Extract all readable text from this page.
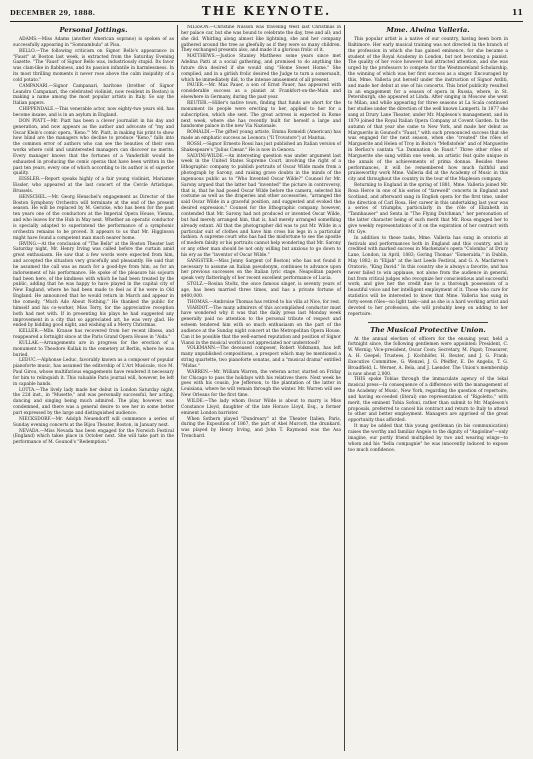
DECEMBER 29, 1888.	THE KEYNOTE.	11
Personal Jottings.

ADAMS.—Miss Adams (another American soprano) is spoken of as successfully appearing in "Somnambula" at Pisa.

BELLO.—The following criticism on Signor Bello's appearance in "Faust" at Boston last week, is extracted from the Saturday Evening Gazette. "The 'Faust' of Signor Bello was, industriously stupid. Its favor was clam-like in flabbiness, and its passion infantile in harmlessness. In its most thrilling moments it never rose above the calm insipidity of a cold potato."

CAMPANARI.—Signor Campanari, baritone (brother of Signor Leandro Campanari, the celebrated violinist, now resident in Boston) is making a name among the most popular artists in Italy. So say the Italian papers.

CHIPPENDALE.—This venerable actor, now eighty-two years old, has become insane, and is in an asylum in England.

DON PIATT.—Mr. Piatt has been a clever journalist in his day and generation, and now appears as the author and advocate of "my and Oscar Klein's comic opera, 'Keno.'" Mr. Piatt, in making his print to show how blind are the managers who decline to produce "Keno," falls into the common error of authors who can see the beauties of their own works where cold and uninterested managers can discover no merits. Every manager knows that the fortunes of a Vanderbilt would be exhausted in producing the comic operas that have been written in the past ten years, every one of which according to its author is of superior quality.

EISSLER.—Report speaks highly of a fair young violinist, Marianne Eissler, who appeared at the last concert of the Cercle Artistique, Brussels.

HENSCHEL.—Mr. Georg Henschel's engagement as Director of the Boston Symphony Orchestra will terminate at the end of the present season. He will be replaced by M. Gericke, who has been for the past ten years one of the conductors at the Imperial Opera House, Vienna, and who leaves for the Hub in May next. Whether an operatic conductor is specially adapted to superintend the performance of a symphonic orchestra remains to be proved. It appears to us that Mr. Higginson might have found a competent man much nearer home.

IRVING.—At the conclusion of "The Bells" at the Boston Theater last Saturday night, Mr. Henry Irving was called before the curtain amid great enthusiasm. He saw that a few words were expected from him, and accepted the situation very gracefully and pleasantly. He said that he assumed the call was as much for a good-bye from him, as for an indorsement of his performance. He spoke of the pleasure his sojourn had been here, of the kindness with which he had been treated by the public, adding that he was happy to have played in the capital city of New England, where he had been made to feel as if he were in Old England. He announced that he would return in March and appear in the comedy, "Much Ado About Nothing." He thanked the public for himself and his co-worker, Miss Terry, for the appreciative reception both had met with. If in presenting his plays he had suggested any improvement in a city that so appreciated art, he was very glad. He ended by bidding good night, and wishing all a Merry Christmas.

KELLER.—Mlle. Krause has recovered from her recent illness, and reappeared a fortnight since at the Paris Grand Opera House in "Aida."

KULLAK.—Arrangements are in progress for the erection of a monument to Theodore Kullak in the cemetery at Berlin, where he was buried.

LEDUC.—Alphonse Leduc, favorably known as a composer of popular pianoforte music, has assumed the editorship of L'Art Musicale, vice M. Paul Girou, whose multifarious engagements have rendered it necessary for him to relinquish it. This valuable Paris journal will, however, be left in capable hands.

LOTTA.—The lively lady made her debut in London Saturday night, the 22d inst., in "Musette," and was personally successful, her acting, dancing and singing being much admired. The play, however, was condemned, and there was a general desire to see her in some better part expressed by the large and distinguished audience.

NIECKSDORF.—Mr. Adolph Neuendorff will commence a series of Sunday evening concerts at the Bijou Theater, Boston, in January next.

NEVADA.—Miss Nevada has been engaged for the Norwich Festival (England) which takes place in October next. She will take part in the performance of M. Gounod's "Redemption."

NILSSON.—Christine Nilsson was traveling West last Christmas in her palace car, but she was bound to celebrate the day, tree and all; and she did. Whirling along almost like lightning, she and her company gathered around the tree as gleefully as if they were so many children. They exchanged presents also, and made it a glorious frolic of it.

MATTHEWS.—Justice Stanley Matthews some years since met Adelina Patti at a social gathering, and promised to do anything the future diva desired if she would sing "Home Sweet Home." She complied, and in a girlish frolic desired the Judge to turn a somersault, which he immediately did, to the intense amusement of all present.

PAUER.—Mr. Max Pauer, a son of Ernst Pauer, has appeared with considerable success as a pianist at Frankfort-on-the-Main and elsewhere in Germany, during the past year.

REUTER.—Hiller's native town, finding that funds are short for the monument its people were erecting to her, applied to her for a subscription, which she sent. The great actress is expected in Rome next week, where she has recently built for herself a large and handsome palace in the new Via Nazionale.

ROMALDI.—The gifted young artiste, Emma Romeldi (American) has made an emphatic success as Leonora ("Il Trovatore") at Mantua.

ROSSI.—Signor Ernesto Rossi has just published an Italian version of Shakespeare's "Julius Cæsar." He is now in Genova.

SALVINI-WILDE.—An interesting question was under argument last week in the United States Supreme Court, involving the right of a lithographic company to publish portraits of Oscar Wilde made from a photograph by Sarony, and raising grave doubts in the minds of the ingenuous public as to "Who Invented Oscar Wilde?" Counsel for Mr. Sarony argued that the latter had "invented" the picture in controversy, that is, that he had posed Oscar Wilde before the camera, selected his costume as well as the draperies and other accessories, "arranged the said Oscar Wilde in a graceful position, and suggested and evoked the desired expression." Counsel for the lithographic company, however, contended that Mr. Sarony had not produced or invented Oscar Wilde, but had merely arranged him, that is, had merely arranged something already extant. All that the photographer did was to put Mr. Wilde in a particular suit of clothes and have him cross his legs in a particular fashion. A supreme court who has had the misfortune to see the apostle of modern falsity or his portraits cannot help wondering that Mr. Sarony or any other man should be not only willing but anxious to go down to his ery as the "inventor of Oscar Wilde."

SANGSTER.—Miss Jenny Sargent (of Boston) who has not found it necessary to assume an Italian pseudonym, continues to advance upon her previous successes on the Italian lyric stage. Neapolitan papers speak very flatteringly of her recent excellent performance of Lucia.

STOLZ.—Rosina Stoltz, the once famous singer, is seventy years of age, has been married three times, and has a private fortune of $400,000.

THOMAS.—Ambroise Thomas has retired to his villa at Nice, for rest.

VIARDOT.—The many admirers of this accomplished conductor must have wondered why it was that the daily press last Monday week generally paid no attention to the personal tribute of respect and esteem tendered him with so much enthusiasm on the part of the audience at the Sunday night concert at the Metropolitan Opera House. Can it be possible that the well-earned reputation and position of Signor Viansi in the musical world is not appreciated nor understood?

VOLKMANN.—The deceased composer, Robert Volkmann, has left many unpublished compositions, a prospect which may be mentioned a string quartette, two pianoforte sonatas, and a "musical drama" entitled "Midas."

WARREN.—Mr. William Warren, the veteran actor, started on Friday for Chicago to pass the holidays with his relatives there. Next week he goes with his cousin, Joe Jefferson, to the plantation of the latter in Louisiana, where he will remain through the winter. Mr. Warren will see New Orleans for the first time.

WILDE.—The lady whom Oscar Wilde is about to marry is Miss Constance Lloyd, daughter of the late Horace Lloyd, Esq., a former eminent London barrister.

When Sothern played "Dundreary" at the Theater Italien, Paris, during the Exposition of 1867, the part of Abel Murcott, the drunkard, was played by Henry Irving, and John T. Raymond was the Asa Trenchard.

Mme. Alwina Valleria.

This popular artist is a native of our country, having been born in Baltimore. Her early musical training was not directed in the branch of the profession in which she has gained eminence, for she became a student of the Royal Academy in London, but not becoming a pianist. The quality of her voice however had attracted attention, and she was urged by the professors to compete for the Westmoreland Scholarship, the winning of which was her first success as a singer. Encouraged by this, Mme. Valleria put herself under the instruction of Signor Arditi, and made her debut at one of his concerts. This brief publicity resulted in an engagement for a season of opera in Russia, where, in St. Petersburgh, she appeared at Linda. After singing in Moscow she went to Milan, and while appearing for three seasons at La Scala continued her studies under the direction of the well known Lamperti. In 1877 she sang at Drury Lane Theater, under Mr. Mapleson's management, and in 1879 joined the Royal Italian Opera Company at Covent Garden. In the autumn of that year she came to New York, and made her debut as Marguerite in Gounod's "Faust," with such pronounced success that she was engaged for the next season, when she "created" the rôles of Marguerite and Helen of Troy in Boito's "Mefistofele" and of Marguerite in Berlioz's cantata "La Damnation de Faust." Three other rôles of Marguerite she sang within one week, an artistic feat quite unique in the annals of the achievements of prima donnas. Besides these performances, it will be remembered how much faithful and praiseworthy work Mme. Valleria did at the Academy of Music in this city and throughout the country in the tour of the Mapleson company.

Returning to England in the spring of 1881, Mme. Valleria joined Mr. Rosa Herce in one of his series of "farewell" concerts in England and Scotland, and afterward sang in English opera for the first time, under the direction of Carl Rosa. Her career in this undertaking last year was a series of triumphs, particularly in the rôle of Elizabeth in "Tannhauser" and Senta in "The Flying Dutchman," her personation of the latter character being of such merit that Mr. Rosa engaged her to give weekly representations of it on the expiration of her contract with Mr. Gye.

In addition to these tasks, Mme. Valleria has sung in oratorio at festivals and performances both in England and this country, and is credited with marked success in Mackenzie's opera "Colomba" at Drury Lane, London, in April, 1883; Goring Thomas' "Esmeralda," in Dublin, May 1882; in "Elijah" at the last Leeds Festival, and G. A. Macfarren's Oratorio, "King David." In this country she is always a favorite, and has never failed to win applause, not alone from the audience in general, but from critical judges who recognize her conscientious and successful work; and give her the credit due to a thorough possession of a beautiful voice and her intelligent employment of it. Those who care for statistics will be interested to know that Mme. Valleria has sung in forty-seven rôles—no light task—and as she is a hard working artist and devoted to her profession, she will probably keep on adding to her repertoire.

The Musical Protective Union.

At the annual election of officers for the ensuing year, held a fortnight since, the following gentlemen were appointed: President, C. W. Wernig; Vice-president, Oscar Coon; Secretary, M. Papst; Treasurer, A. H. Goepel; Trustees, J. Kochhöfer, H. Reuter, and J. G. Frank; Executive Committee, G. Wenzel, J. G. Pfeiffer, E. De Angelis, T. G. Broadfield, L. Werner, A. Bela, and J. Laender. The Union's membership is now about 2,000.

THIS spoke Tobias through the immaculate agency of the lokal musical press—In consequence of a difference with the management of the Academy of Music, New York, regarding the question of repertoire, and having ex-ceeded (literal) one representation of "Rigoletto," with merit, the eminent Tobia Sofoni, rather than submit to Mr. Mapleson's proposals, preferred to cancel his contract and return to Italy to attend to other and better employment. Managers are apprised of the great opportunity thus afforded.

It may be added that this young gentleman (in his communication) raises the worthy and familiar Angelo to the dignity of "Angioline"—only imagine, our portly friend multiplied by two and wearing wings—to whom and his "bella compagnie" he was innocently induced to expose too much confidence.
